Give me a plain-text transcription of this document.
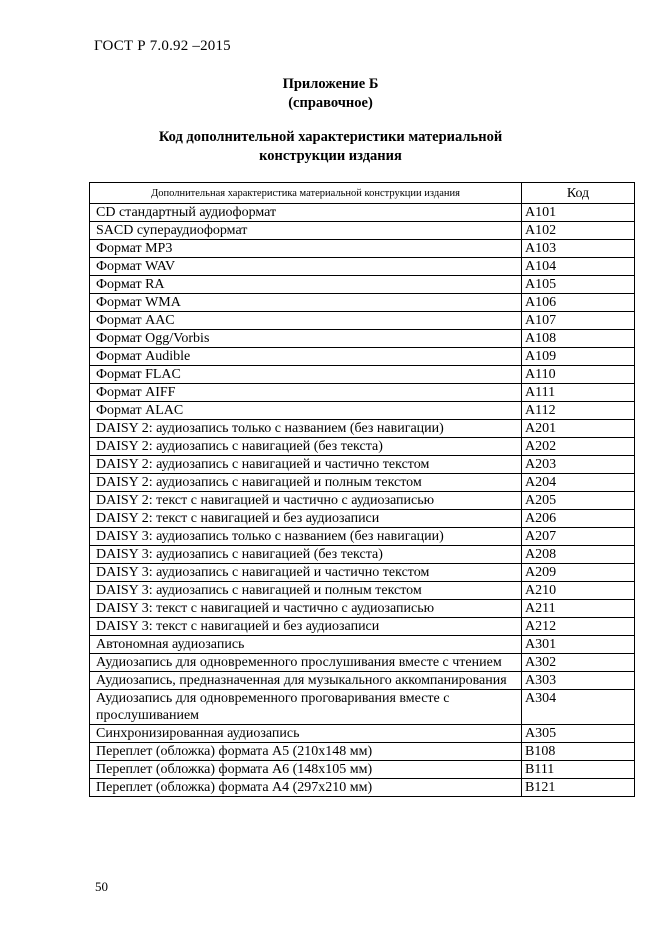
ГОСТ Р 7.0.92 –2015
Приложение Б
(справочное)
Код дополнительной характеристики материальной
конструкции издания
Дополнительная характеристика материальной конструкции издания	Код
CD стандартный аудиоформат	A101
SACD супераудиоформат	A102
Формат MP3	A103
Формат WAV	A104
Формат RA	A105
Формат WMA	A106
Формат AAC	A107
Формат Ogg/Vorbis	A108
Формат Audible	A109
Формат FLAC	A110
Формат AIFF	A111
Формат ALAC	A112
DAISY 2: аудиозапись только с названием (без навигации)	A201
DAISY 2: аудиозапись с навигацией (без текста)	A202
DAISY 2: аудиозапись с навигацией и частично текстом	A203
DAISY 2: аудиозапись с навигацией и полным текстом	A204
DAISY 2: текст с навигацией и частично с аудиозаписью	A205
DAISY 2: текст с навигацией и без аудиозаписи	A206
DAISY 3: аудиозапись только с названием (без навигации)	A207
DAISY 3: аудиозапись с навигацией (без текста)	A208
DAISY 3: аудиозапись с навигацией и частично текстом	A209
DAISY 3: аудиозапись с навигацией и полным текстом	A210
DAISY 3: текст с навигацией и частично с аудиозаписью	A211
DAISY 3: текст с навигацией и без аудиозаписи	A212
Автономная аудиозапись	A301
Аудиозапись для одновременного прослушивания вместе с чтением	A302
Аудиозапись, предназначенная для музыкального аккомпанирования	A303
Аудиозапись для одновременного проговаривания вместе с прослушиванием	A304
Синхронизированная аудиозапись	A305
Переплет (обложка) формата A5 (210x148 мм)	B108
Переплет (обложка) формата A6 (148x105 мм)	B111
Переплет (обложка) формата A4 (297x210 мм)	B121
50
